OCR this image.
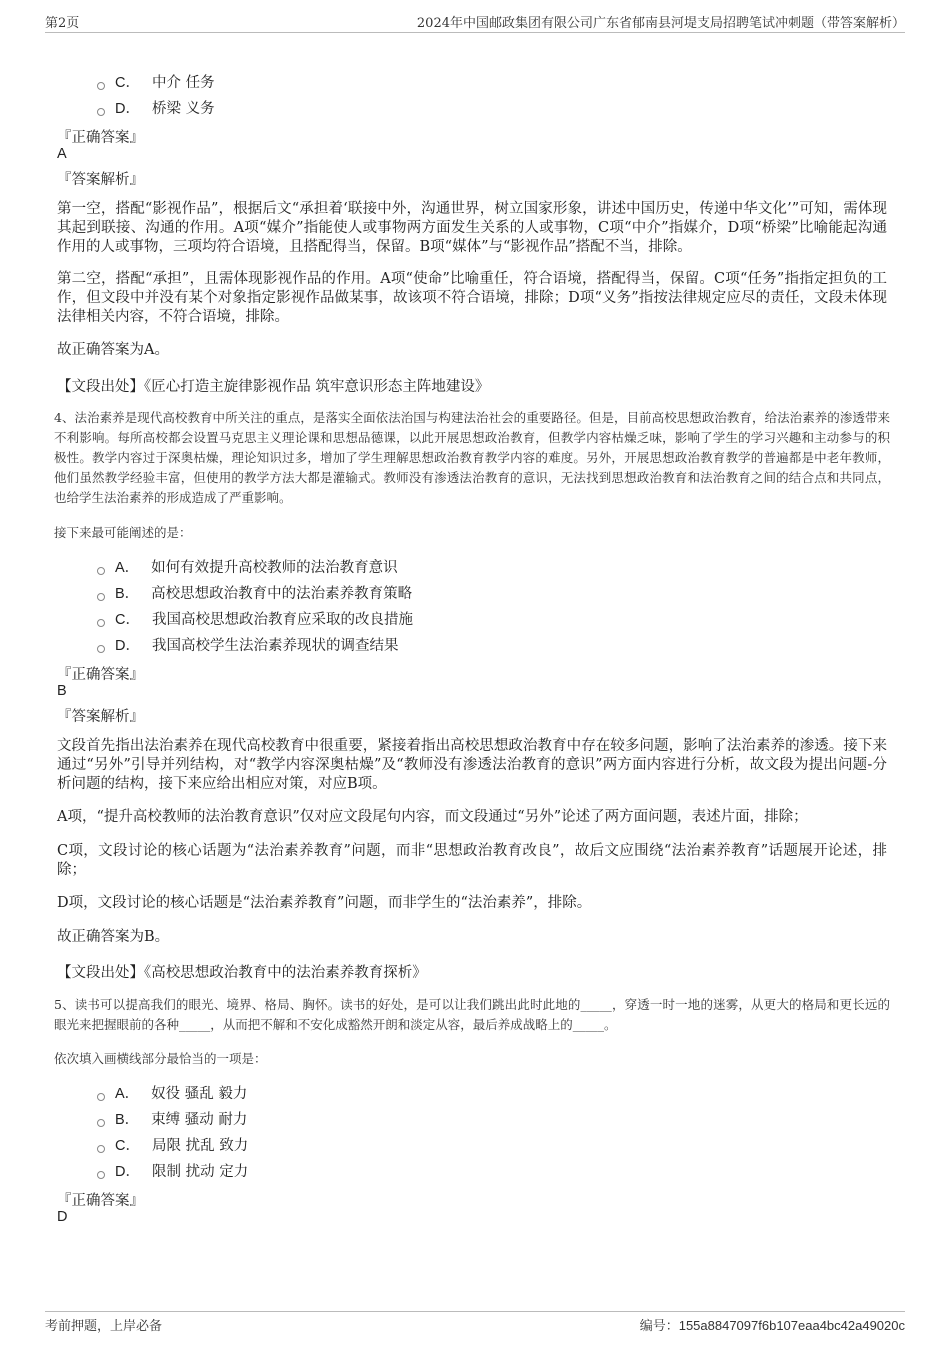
第2页	2024年中国邮政集团有限公司广东省郁南县河堤支局招聘笔试冲刺题（带答案解析）
C． 中介 任务
D． 桥梁 义务
『正确答案』
A
『答案解析』
第一空，搭配“影视作品”，根据后文“承担着‘联接中外，沟通世界，树立国家形象，讲述中国历史，传递中华文化’”可知，需体现其起到联接、沟通的作用。A项“媒介”指能使人或事物两方面发生关系的人或事物，C项“中介”指媒介，D项“桥梁”比喻能起沟通作用的人或事物，三项均符合语境，且搭配得当，保留。B项“媒体”与“影视作品”搭配不当，排除。
第二空，搭配“承担”，且需体现影视作品的作用。A项“使命”比喻重任，符合语境，搭配得当，保留。C项“任务”指指定担负的工作，但文段中并没有某个对象指定影视作品做某事，故该项不符合语境，排除；D项“义务”指按法律规定应尽的责任，文段未体现法律相关内容，不符合语境，排除。
故正确答案为A。
【文段出处】《匠心打造主旋律影视作品 筑牢意识形态主阵地建设》
4、法治素养是现代高校教育中所关注的重点，是落实全面依法治国与构建法治社会的重要路径。但是，目前高校思想政治教育，给法治素养的渗透带来不利影响。每所高校都会设置马克思主义理论课和思想品德课，以此开展思想政治教育，但教学内容枯燥乏味，影响了学生的学习兴趣和主动参与的积极性。教学内容过于深奥枯燥，理论知识过多，增加了学生理解思想政治教育教学内容的难度。另外，开展思想政治教育教学的普遍都是中老年教师，他们虽然教学经验丰富，但使用的教学方法大都是灌输式。教师没有渗透法治教育的意识，无法找到思想政治教育和法治教育之间的结合点和共同点，也给学生法治素养的形成造成了严重影响。
接下来最可能阐述的是：
A． 如何有效提升高校教师的法治教育意识
B． 高校思想政治教育中的法治素养教育策略
C． 我国高校思想政治教育应采取的改良措施
D． 我国高校学生法治素养现状的调查结果
『正确答案』
B
『答案解析』
文段首先指出法治素养在现代高校教育中很重要，紧接着指出高校思想政治教育中存在较多问题，影响了法治素养的渗透。接下来通过“另外”引导并列结构，对“教学内容深奥枯燥”及“教师没有渗透法治教育的意识”两方面内容进行分析，故文段为提出问题-分析问题的结构，接下来应给出相应对策，对应B项。
A项，“提升高校教师的法治教育意识”仅对应文段尾句内容，而文段通过“另外”论述了两方面问题，表述片面，排除；
C项，文段讨论的核心话题为“法治素养教育”问题，而非“思想政治教育改良”，故后文应围绕“法治素养教育”话题展开论述，排除；
D项，文段讨论的核心话题是“法治素养教育”问题，而非学生的“法治素养”，排除。
故正确答案为B。
【文段出处】《高校思想政治教育中的法治素养教育探析》
5、读书可以提高我们的眼光、境界、格局、胸怀。读书的好处，是可以让我们跳出此时此地的_____，穿透一时一地的迷雾，从更大的格局和更长远的眼光来把握眼前的各种_____，从而把不解和不安化成豁然开朗和淡定从容，最后养成战略上的_____。
依次填入画横线部分最恰当的一项是：
A． 奴役 骚乱 毅力
B． 束缚 骚动 耐力
C． 局限 扰乱 致力
D． 限制 扰动 定力
『正确答案』
D
考前押题，上岸必备	编号：155a8847097f6b107eaa4bc42a49020c
